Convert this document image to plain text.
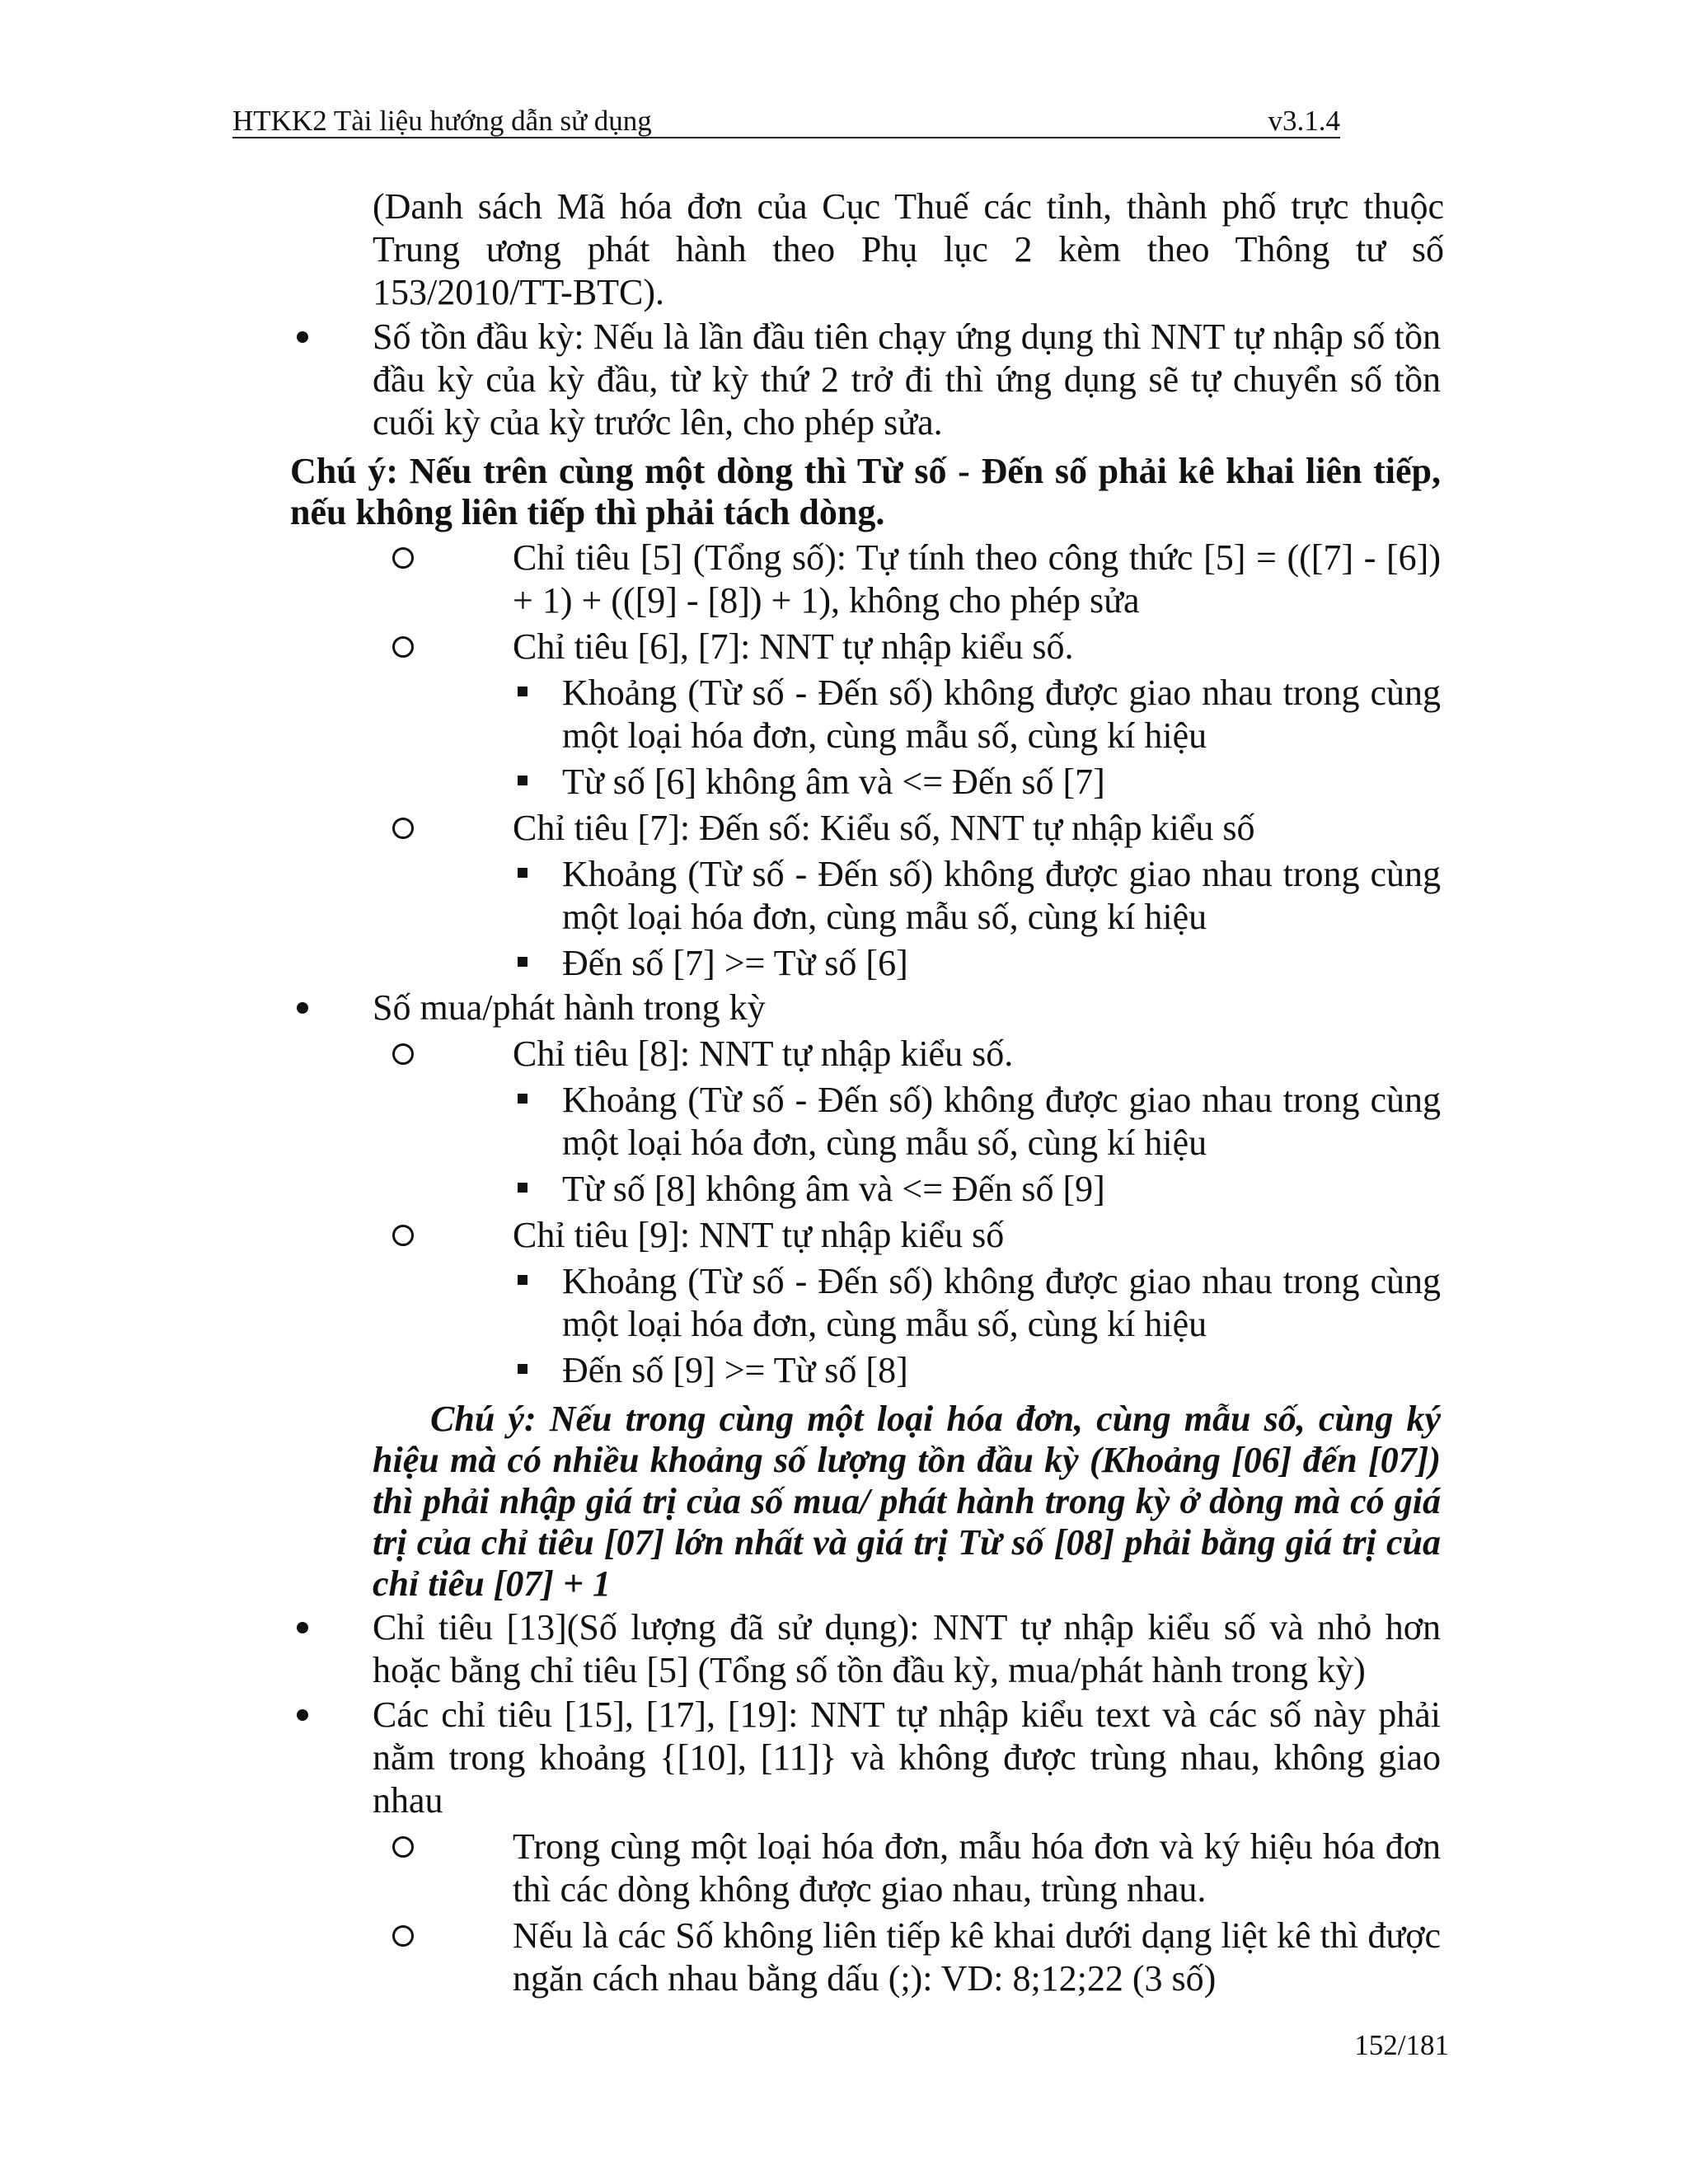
HTKK2 Tài liệu hướng dẫn sử dụng	v3.1.4

(Danh sách Mã hóa đơn của Cục Thuế các tỉnh, thành phố trực thuộc Trung ương phát hành theo Phụ lục 2 kèm theo Thông tư số 153/2010/TT-BTC).

Số tồn đầu kỳ: Nếu là lần đầu tiên chạy ứng dụng thì NNT tự nhập số tồn đầu kỳ của kỳ đầu, từ kỳ thứ 2 trở đi thì ứng dụng sẽ tự chuyển số tồn cuối kỳ của kỳ trước lên, cho phép sửa.

Chú ý: Nếu trên cùng một dòng thì Từ số - Đến số phải kê khai liên tiếp, nếu không liên tiếp thì phải tách dòng.

Chỉ tiêu [5] (Tổng số): Tự tính theo công thức [5] = (([7] - [6]) + 1) + (([9] - [8]) + 1), không cho phép sửa
Chỉ tiêu [6], [7]: NNT tự nhập kiểu số.
Khoảng (Từ số - Đến số) không được giao nhau trong cùng một loại hóa đơn, cùng mẫu số, cùng kí hiệu
Từ số [6] không âm và <= Đến số [7]
Chỉ tiêu [7]: Đến số: Kiểu số, NNT tự nhập kiểu số
Khoảng (Từ số - Đến số) không được giao nhau trong cùng một loại hóa đơn, cùng mẫu số, cùng kí hiệu
Đến số [7] >= Từ số [6]
Số mua/phát hành trong kỳ
Chỉ tiêu [8]: NNT tự nhập kiểu số.
Khoảng (Từ số - Đến số) không được giao nhau trong cùng một loại hóa đơn, cùng mẫu số, cùng kí hiệu
Từ số [8] không âm và <= Đến số [9]
Chỉ tiêu [9]: NNT tự nhập kiểu số
Khoảng (Từ số - Đến số) không được giao nhau trong cùng một loại hóa đơn, cùng mẫu số, cùng kí hiệu
Đến số [9] >= Từ số [8]

Chú ý: Nếu trong cùng một loại hóa đơn, cùng mẫu số, cùng ký hiệu mà có nhiều khoảng số lượng tồn đầu kỳ (Khoảng [06] đến [07]) thì phải nhập giá trị của số mua/ phát hành trong kỳ ở dòng mà có giá trị của chỉ tiêu [07] lớn nhất và giá trị Từ số [08] phải bằng giá trị của chỉ tiêu [07] + 1

Chỉ tiêu [13](Số lượng đã sử dụng): NNT tự nhập kiểu số và nhỏ hơn hoặc bằng chỉ tiêu [5] (Tổng số tồn đầu kỳ, mua/phát hành trong kỳ)
Các chỉ tiêu [15], [17], [19]: NNT tự nhập kiểu text và các số này phải nằm trong khoảng {[10], [11]} và không được trùng nhau, không giao nhau
Trong cùng một loại hóa đơn, mẫu hóa đơn và ký hiệu hóa đơn thì các dòng không được giao nhau, trùng nhau.
Nếu là các Số không liên tiếp kê khai dưới dạng liệt kê thì được ngăn cách nhau bằng dấu (;): VD: 8;12;22 (3 số)
152/181
